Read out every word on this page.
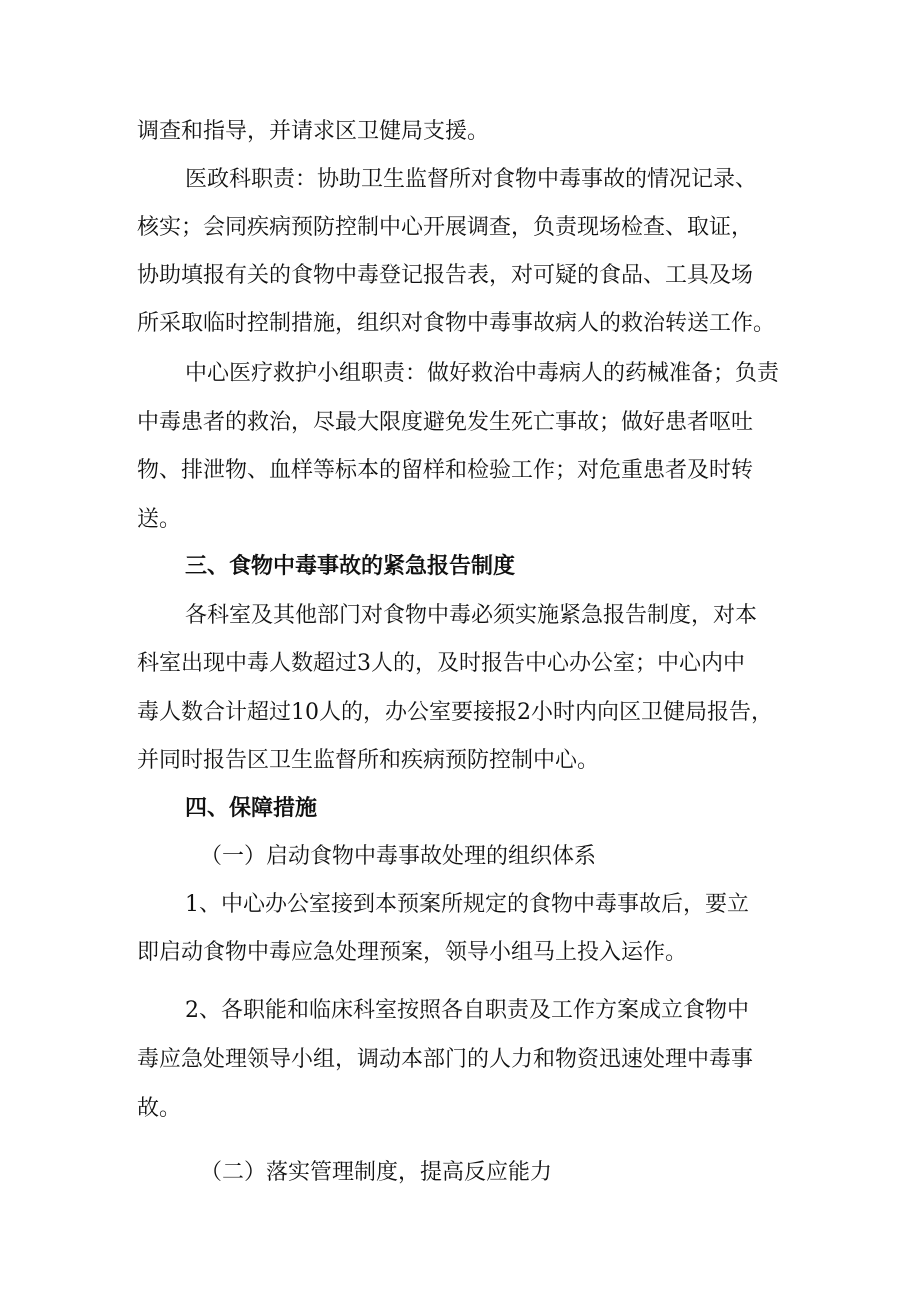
调查和指导，并请求区卫健局支援。
医政科职责：协助卫生监督所对食物中毒事故的情况记录、
核实；会同疾病预防控制中心开展调查，负责现场检查、取证，
协助填报有关的食物中毒登记报告表，对可疑的食品、工具及场
所采取临时控制措施，组织对食物中毒事故病人的救治转送工作。
中心医疗救护小组职责：做好救治中毒病人的药械准备；负责
中毒患者的救治，尽最大限度避免发生死亡事故；做好患者呕吐
物、排泄物、血样等标本的留样和检验工作；对危重患者及时转
送。
三、食物中毒事故的紧急报告制度
各科室及其他部门对食物中毒必须实施紧急报告制度，对本
科室出现中毒人数超过3人的，及时报告中心办公室；中心内中
毒人数合计超过10人的，办公室要接报2小时内向区卫健局报告，
并同时报告区卫生监督所和疾病预防控制中心。
四、保障措施
（一）启动食物中毒事故处理的组织体系
1、中心办公室接到本预案所规定的食物中毒事故后，要立
即启动食物中毒应急处理预案，领导小组马上投入运作。
2、各职能和临床科室按照各自职责及工作方案成立食物中
毒应急处理领导小组，调动本部门的人力和物资迅速处理中毒事
故。
（二）落实管理制度，提高反应能力
